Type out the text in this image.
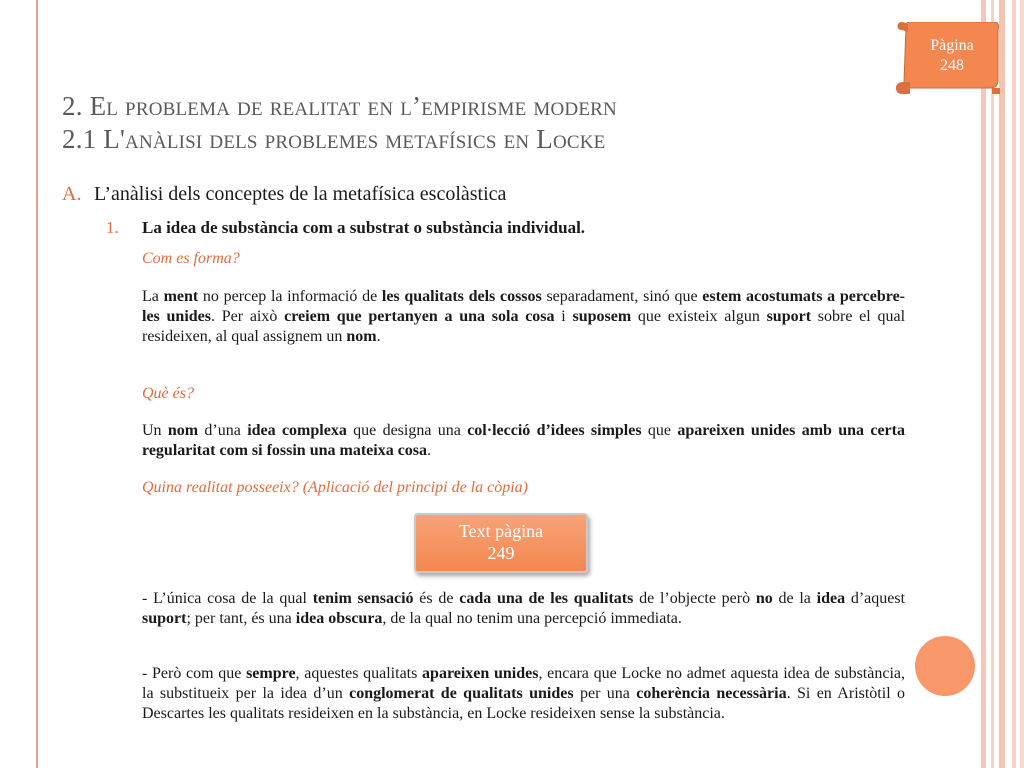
Pàgina
248
2. El problema de realitat en l’empirisme modern
2.1 L'anàlisi dels problemes metafísics en Locke
A. L’anàlisi dels conceptes de la metafísica escolàstica
1. La idea de substància com a substrat o substància individual.
Com es forma?
La ment no percep la informació de les qualitats dels cossos separadament, sinó que estem acostumats a percebre-les unides. Per això creiem que pertanyen a una sola cosa i suposem que existeix algun suport sobre el qual resideixen, al qual assignem un nom.
Què és?
Un nom d’una idea complexa que designa una col·lecció d’idees simples que apareixen unides amb una certa regularitat com si fossin una mateixa cosa.
Quina realitat posseeix? (Aplicació del principi de la còpia)
Text pàgina
249
- L’única cosa de la qual tenim sensació és de cada una de les qualitats de l’objecte però no de la idea d’aquest suport; per tant, és una idea obscura, de la qual no tenim una percepció immediata.
- Però com que sempre, aquestes qualitats apareixen unides, encara que Locke no admet aquesta idea de substància, la substitueix per la idea d’un conglomerat de qualitats unides per una coherència necessària. Si en Aristòtil o Descartes les qualitats resideixen en la substància, en Locke resideixen sense la substància.
